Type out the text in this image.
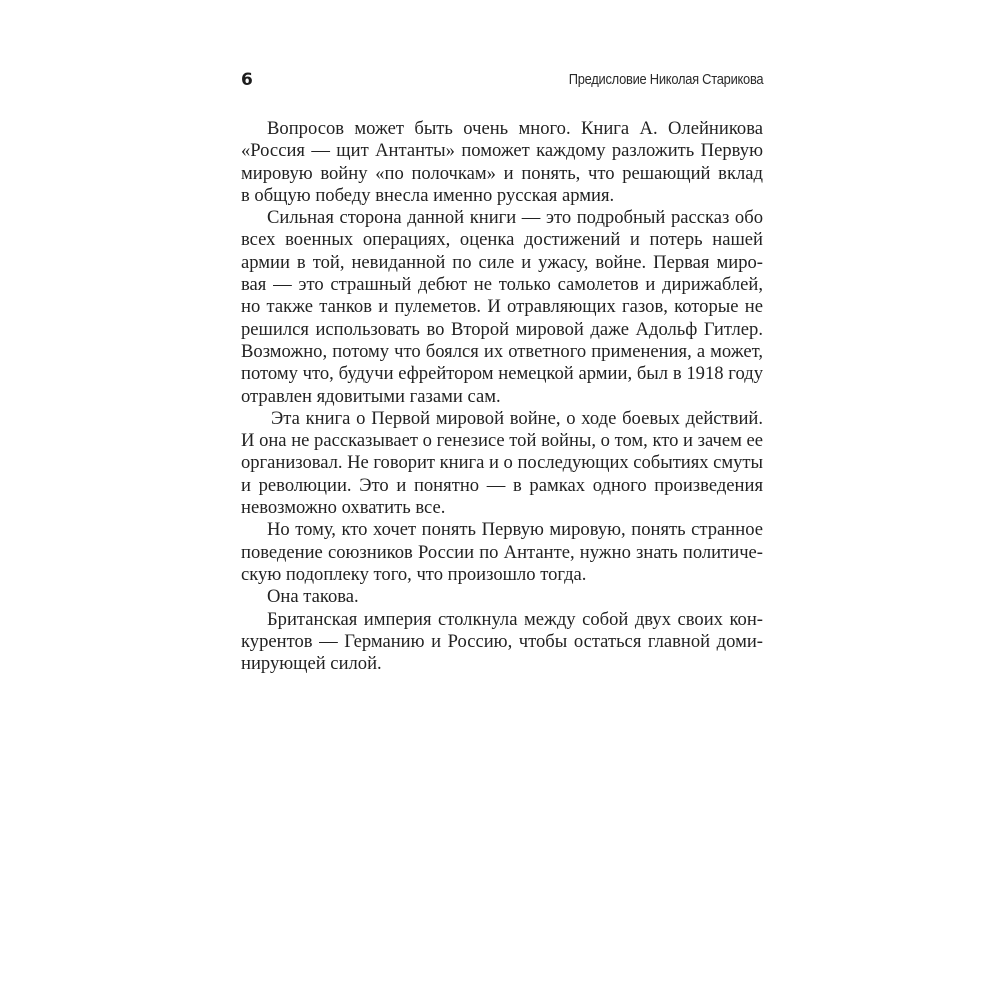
6	Предисловие Николая Старикова
Вопросов может быть очень много. Книга А. Олейникова
«Россия — щит Антанты» поможет каждому разложить Первую
мировую войну «по полочкам» и понять, что решающий вклад
в общую победу внесла именно русская армия.
Сильная сторона данной книги — это подробный рассказ обо
всех военных операциях, оценка достижений и потерь нашей
армии в той, невиданной по силе и ужасу, войне. Первая миро-
вая — это страшный дебют не только самолетов и дирижаблей,
но также танков и пулеметов. И отравляющих газов, которые не
решился использовать во Второй мировой даже Адольф Гитлер.
Возможно, потому что боялся их ответного применения, а может,
потому что, будучи ефрейтором немецкой армии, был в 1918 году
отравлен ядовитыми газами сам.
Эта книга о Первой мировой войне, о ходе боевых действий.
И она не рассказывает о генезисе той войны, о том, кто и зачем ее
организовал. Не говорит книга и о последующих событиях смуты
и революции. Это и понятно — в рамках одного произведения
невозможно охватить все.
Но тому, кто хочет понять Первую мировую, понять странное
поведение союзников России по Антанте, нужно знать политиче-
скую подоплеку того, что произошло тогда.
Она такова.
Британская империя столкнула между собой двух своих кон-
курентов — Германию и Россию, чтобы остаться главной доми-
нирующей силой.
